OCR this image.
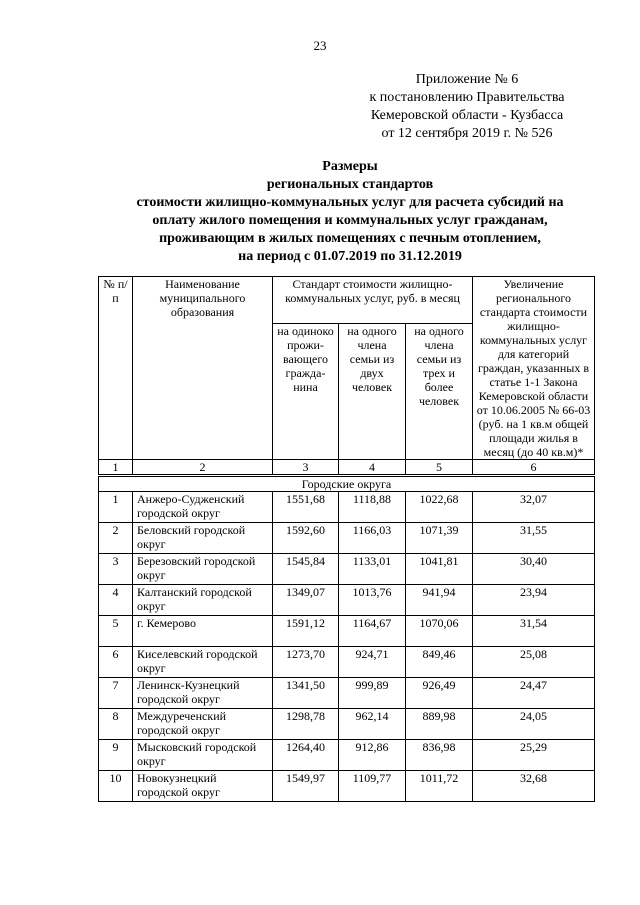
23
Приложение № 6
к постановлению Правительства
Кемеровской области - Кузбасса
от 12 сентября 2019 г. № 526
Размеры
региональных стандартов
стоимости жилищно-коммунальных услуг для расчета субсидий на
оплату жилого помещения и коммунальных услуг гражданам,
проживающим в жилых помещениях с печным отоплением,
на период с 01.07.2019 по 31.12.2019
№ п/п	Наименование муниципального образования	Стандарт стоимости жилищно-коммунальных услуг, руб. в месяц			Увеличение регионального стандарта стоимости жилищно-коммунальных услуг для категорий граждан, указанных в статье 1-1 Закона Кемеровской области от 10.06.2005 № 66-03 (руб. на 1 кв.м общей площади жилья в месяц (до 40 кв.м)*
		на одиноко прожи-вающего гражда-нина	на одного члена семьи из двух человек	на одного члена семьи из трех и более человек	
1	2	3	4	5	6
Городские округа					
1	Анжеро-Судженский городской округ	1551,68	1118,88	1022,68	32,07
2	Беловский городской округ	1592,60	1166,03	1071,39	31,55
3	Березовский городской округ	1545,84	1133,01	1041,81	30,40
4	Калтанский городской округ	1349,07	1013,76	941,94	23,94
5	г. Кемерово	1591,12	1164,67	1070,06	31,54
6	Киселевский городской округ	1273,70	924,71	849,46	25,08
7	Ленинск-Кузнецкий городской округ	1341,50	999,89	926,49	24,47
8	Междуреченский городской округ	1298,78	962,14	889,98	24,05
9	Мысковский городской округ	1264,40	912,86	836,98	25,29
10	Новокузнецкий городской округ	1549,97	1109,77	1011,72	32,68
